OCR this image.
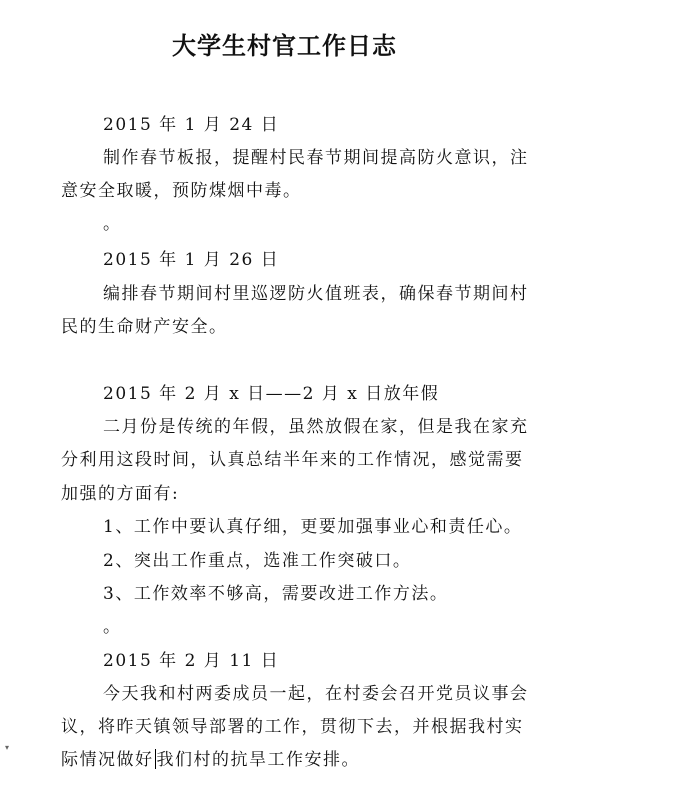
大学生村官工作日志
2015 年 1 月 24 日
制作春节板报，提醒村民春节期间提高防火意识，注
意安全取暖，预防煤烟中毒。
。
2015 年 1 月 26 日
编排春节期间村里巡逻防火值班表，确保春节期间村
民的生命财产安全。
2015 年 2 月 x 日——2 月 x 日放年假
二月份是传统的年假，虽然放假在家，但是我在家充
分利用这段时间，认真总结半年来的工作情况，感觉需要
加强的方面有:
1、工作中要认真仔细，更要加强事业心和责任心。
2、突出工作重点，选准工作突破口。
3、工作效率不够高，需要改进工作方法。
。
2015 年 2 月 11 日
今天我和村两委成员一起，在村委会召开党员议事会
议，将昨天镇领导部署的工作，贯彻下去，并根据我村实
际情况做好 我们村的抗旱工作安排。
▾
